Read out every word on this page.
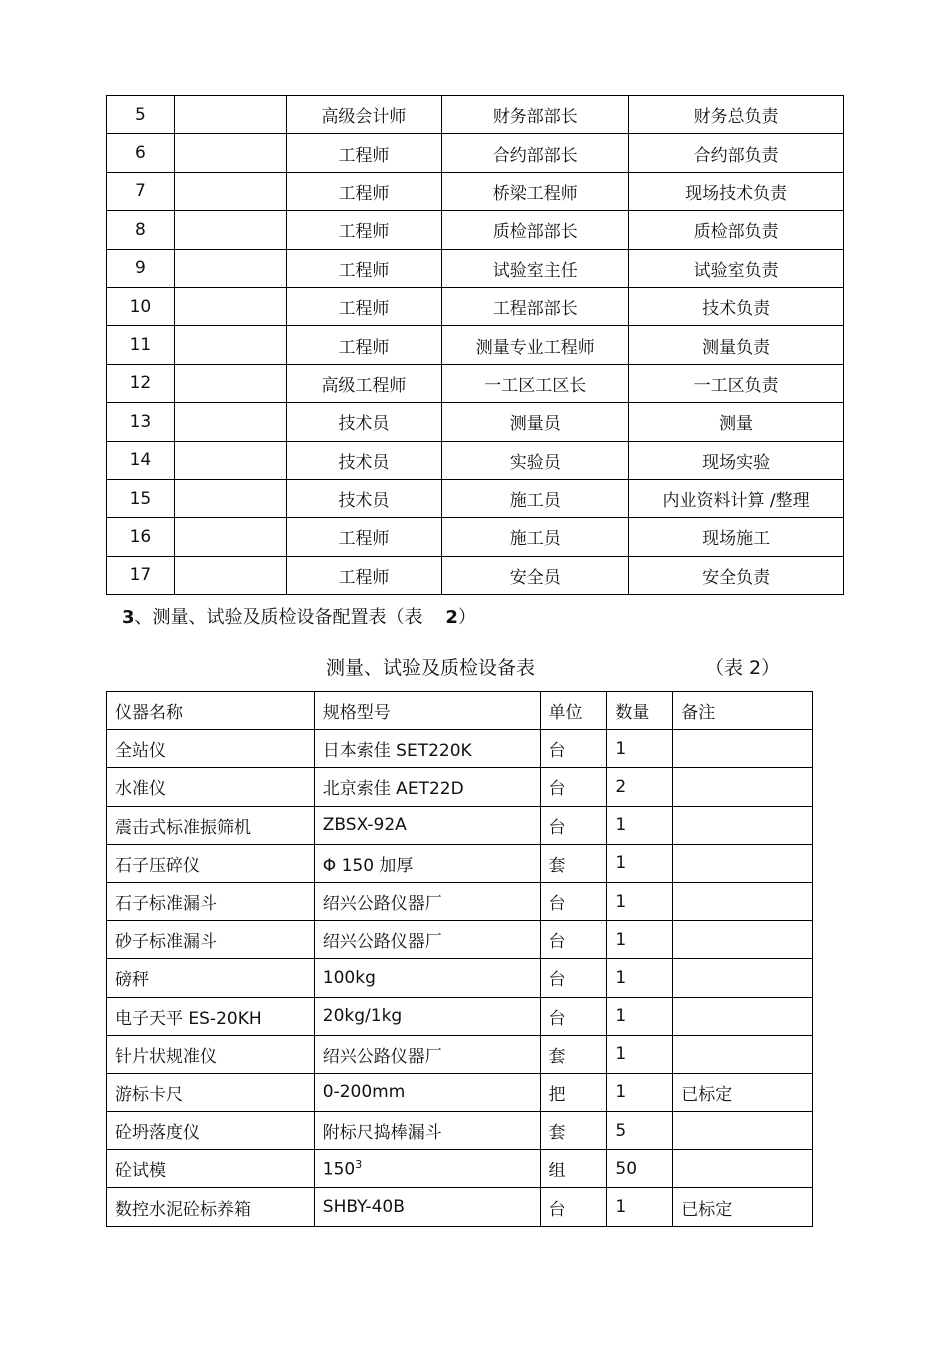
5		高级会计师	财务部部长	财务总负责
6		工程师	合约部部长	合约部负责
7		工程师	桥梁工程师	现场技术负责
8		工程师	质检部部长	质检部负责
9		工程师	试验室主任	试验室负责
10		工程师	工程部部长	技术负责
11		工程师	测量专业工程师	测量负责
12		高级工程师	一工区工区长	一工区负责
13		技术员	测量员	测量
14		技术员	实验员	现场实验
15		技术员	施工员	内业资料计算 /整理
16		工程师	施工员	现场施工
17		工程师	安全员	安全负责

3、测量、试验及质检设备配置表（表 2）

测量、试验及质检设备表	（表 2）

仪器名称	规格型号	单位	数量	备注
全站仪	日本索佳 SET220K	台	1	
水准仪	北京索佳 AET22D	台	2	
震击式标准振筛机	ZBSX-92A	台	1	
石子压碎仪	Φ 150 加厚	套	1	
石子标准漏斗	绍兴公路仪器厂	台	1	
砂子标准漏斗	绍兴公路仪器厂	台	1	
磅秤	100kg	台	1	
电子天平 ES-20KH	20kg/1kg	台	1	
针片状规准仪	绍兴公路仪器厂	套	1	
游标卡尺	0-200mm	把	1	已标定
砼坍落度仪	附标尺捣棒漏斗	套	5	
砼试模	$150^3$	组	50	
数控水泥砼标养箱	SHBY-40B	台	1	已标定
